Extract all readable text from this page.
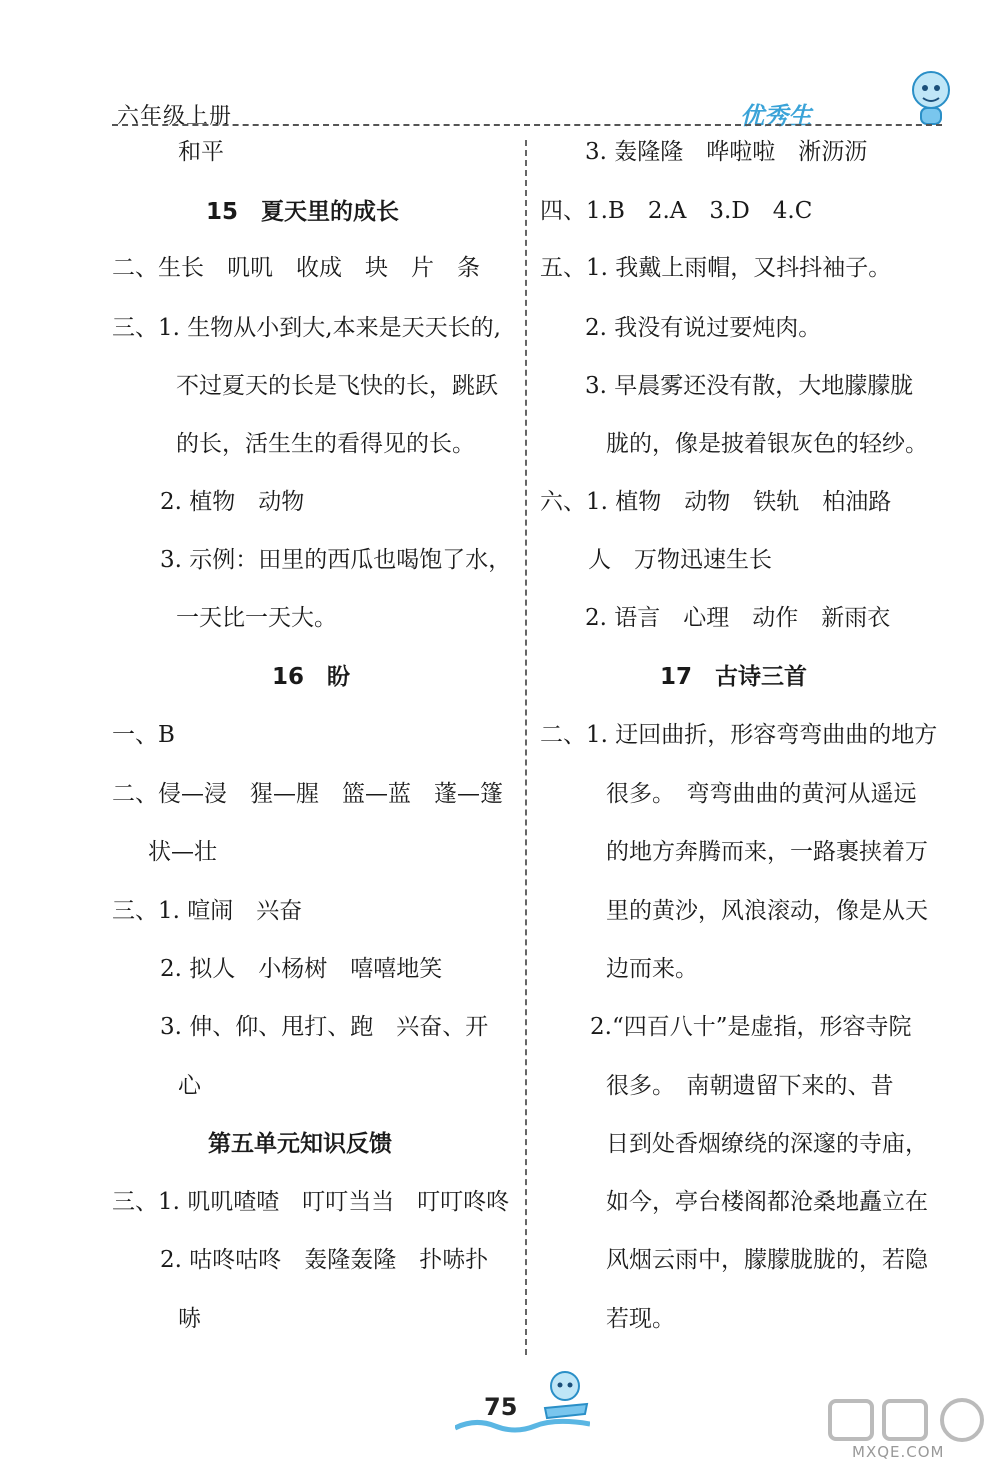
六年级上册	优秀生
和平
15　夏天里的成长
二、生长　叽叽　收成　块　片　条
三、1. 生物从小到大,本来是天天长的,
不过夏天的长是飞快的长，跳跃
的长，活生生的看得见的长。
2. 植物　动物
3. 示例：田里的西瓜也喝饱了水，
一天比一天大。
16　盼
一、B
二、侵—浸　猩—腥　篮—蓝　蓬—篷
状—壮
三、1. 喧闹　兴奋
2. 拟人　小杨树　嘻嘻地笑
3. 伸、仰、甩打、跑　兴奋、开
心
第五单元知识反馈
三、1. 叽叽喳喳　叮叮当当　叮叮咚咚
2. 咕咚咕咚　轰隆轰隆　扑哧扑
哧
3. 轰隆隆　哗啦啦　淅沥沥
四、1.B　2.A　3.D　4.C
五、1. 我戴上雨帽，又抖抖袖子。
2. 我没有说过要炖肉。
3. 早晨雾还没有散，大地朦朦胧
胧的，像是披着银灰色的轻纱。
六、1. 植物　动物　铁轨　柏油路
人　万物迅速生长
2. 语言　心理　动作　新雨衣
17　古诗三首
二、1. 迂回曲折，形容弯弯曲曲的地方
很多。　弯弯曲曲的黄河从遥远
的地方奔腾而来，一路裹挟着万
里的黄沙，风浪滚动，像是从天
边而来。
2.“四百八十”是虚指，形容寺院
很多。　南朝遗留下来的、昔
日到处香烟缭绕的深邃的寺庙，
如今，亭台楼阁都沧桑地矗立在
风烟云雨中，朦朦胧胧的，若隐
若现。
75
MXQE.COM
